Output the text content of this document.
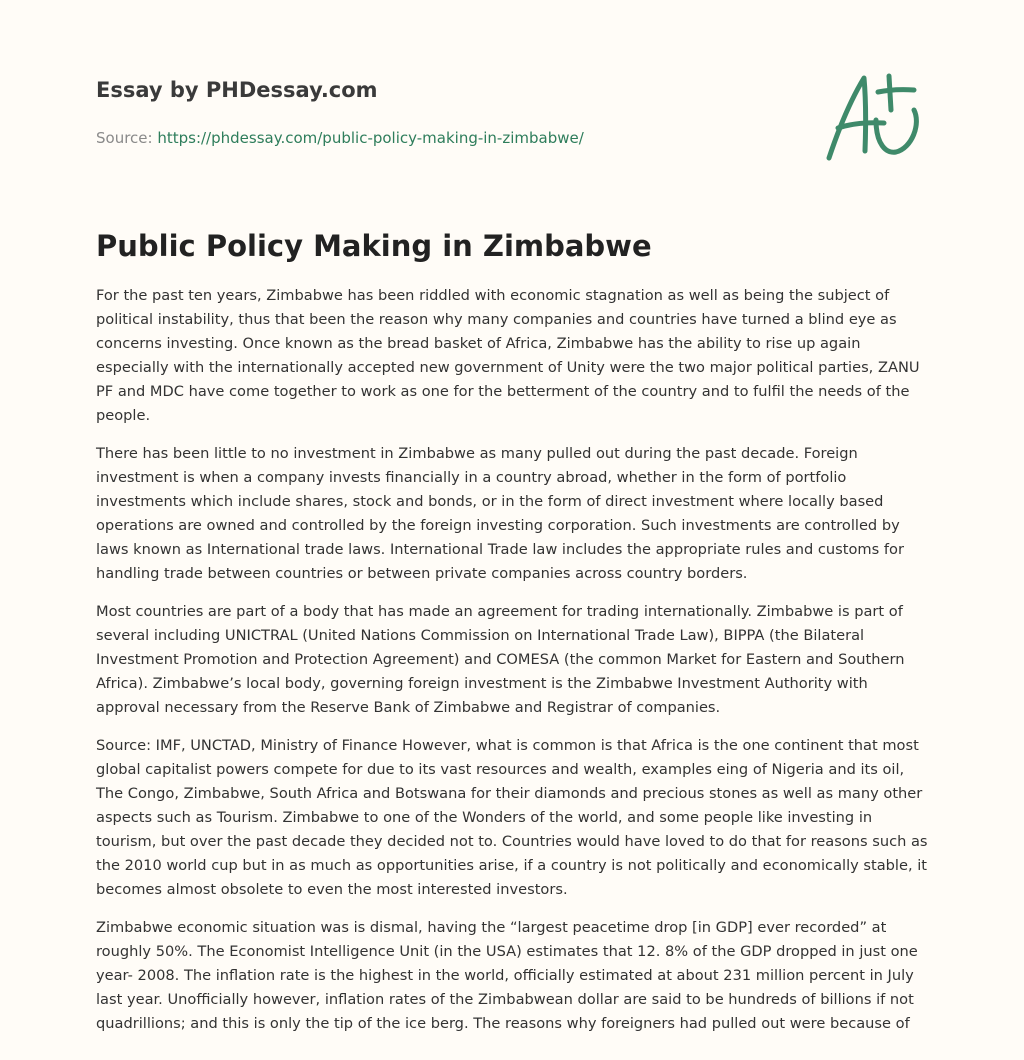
Essay by PHDessay.com
Source: https://phdessay.com/public-policy-making-in-zimbabwe/
Public Policy Making in Zimbabwe

For the past ten years, Zimbabwe has been riddled with economic stagnation as well as being the subject of political instability, thus that been the reason why many companies and countries have turned a blind eye as concerns investing. Once known as the bread basket of Africa, Zimbabwe has the ability to rise up again especially with the internationally accepted new government of Unity were the two major political parties, ZANU PF and MDC have come together to work as one for the betterment of the country and to fulfil the needs of the people.

There has been little to no investment in Zimbabwe as many pulled out during the past decade. Foreign investment is when a company invests financially in a country abroad, whether in the form of portfolio investments which include shares, stock and bonds, or in the form of direct investment where locally based operations are owned and controlled by the foreign investing corporation. Such investments are controlled by laws known as International trade laws. International Trade law includes the appropriate rules and customs for handling trade between countries or between private companies across country borders.

Most countries are part of a body that has made an agreement for trading internationally. Zimbabwe is part of several including UNICTRAL (United Nations Commission on International Trade Law), BIPPA (the Bilateral Investment Promotion and Protection Agreement) and COMESA (the common Market for Eastern and Southern Africa). Zimbabwe’s local body, governing foreign investment is the Zimbabwe Investment Authority with approval necessary from the Reserve Bank of Zimbabwe and Registrar of companies.

Source: IMF, UNCTAD, Ministry of Finance However, what is common is that Africa is the one continent that most global capitalist powers compete for due to its vast resources and wealth, examples eing of Nigeria and its oil, The Congo, Zimbabwe, South Africa and Botswana for their diamonds and precious stones as well as many other aspects such as Tourism. Zimbabwe to one of the Wonders of the world, and some people like investing in tourism, but over the past decade they decided not to. Countries would have loved to do that for reasons such as the 2010 world cup but in as much as opportunities arise, if a country is not politically and economically stable, it becomes almost obsolete to even the most interested investors.

Zimbabwe economic situation was is dismal, having the “largest peacetime drop [in GDP] ever recorded” at roughly 50%. The Economist Intelligence Unit (in the USA) estimates that 12. 8% of the GDP dropped in just one year- 2008. The inflation rate is the highest in the world, officially estimated at about 231 million percent in July last year. Unofficially however, inflation rates of the Zimbabwean dollar are said to be hundreds of billions if not quadrillions; and this is only the tip of the ice berg. The reasons why foreigners had pulled out were because of
